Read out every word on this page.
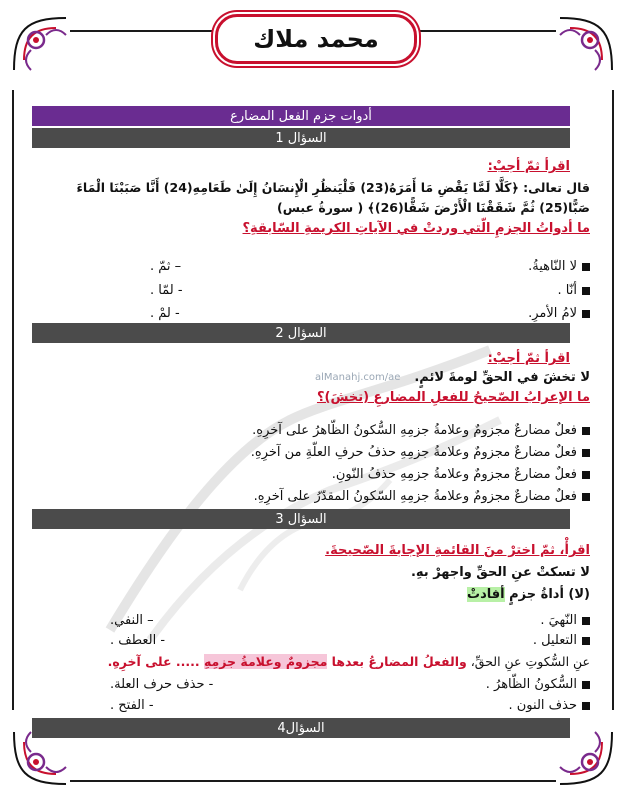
محمد ملاك
alManahj.com/ae
أدوات جزم الفعل المضارع
1 السؤال
اقرأ ثمّ أجبْ:
قال تعالى: ﴿كَلَّا لَمَّا يَقْضِ مَا أَمَرَهُ(23) فَلْيَنظُرِ الْإِنسَانُ إِلَىٰ طَعَامِهِ(24) أَنَّا صَبَبْنَا الْمَاءَ
صَبًّا(25) ثُمَّ شَقَقْنَا الْأَرْضَ شَقًّا(26)﴾ ( سورةُ عبس)
ما أدواتُ الجزمِ الّتي وردتْ في الآياتِ الكريمةِ السّابقةِ؟
لا النّاهيةُ.
– ثمّ .
أنّا .
- لمّا .
لامُ الأمرِ.
- لمْ .
2 السؤال
اقرأ ثمّ أجبْ:
لا تخشَ في الحقِّ لومةَ لائمٍ.
ما الإعرابُ الصّحيحُ للفعلِ المضارعِ (تخشَ)؟
فعلٌ مضارعٌ مجزومٌ وعلامةُ جزمِهِ السُّكونُ الظّاهرُ على آخرِهِ.
فعلٌ مضارعٌ مجزومٌ وعلامةُ جزمِهِ حذفُ حرفِ العلّةِ من آخرِهِ.
فعلٌ مضارعٌ مجزومٌ وعلامةُ جزمِهِ حذفُ النّونِ.
فعلٌ مضارعٌ مجزومٌ وعلامةُ جزمِهِ السّكونُ المقدّرُ على آخرِهِ.
3 السؤال
اقرأْ، ثمّ اخترْ منَ القائمةِ الإجابةَ الصّحيحةَ.
لا تسكتْ عنِ الحقِّ واجهرْ بهِ.
(لا) أداةُ جزمٍ أفادتْ
النّهيَ .
– النفي.
التعليل .
- العطف .
عنِ السُّكوتِ عنِ الحقِّ، والفعلُ المضارعُ بعدها مجزومٌ وعلامةُ جزمِهِ ..... على آخرِهِ.
السُّكونُ الظّاهرُ .
- حذف حرف العلة.
حذف النون .
- الفتح .
4السؤال
